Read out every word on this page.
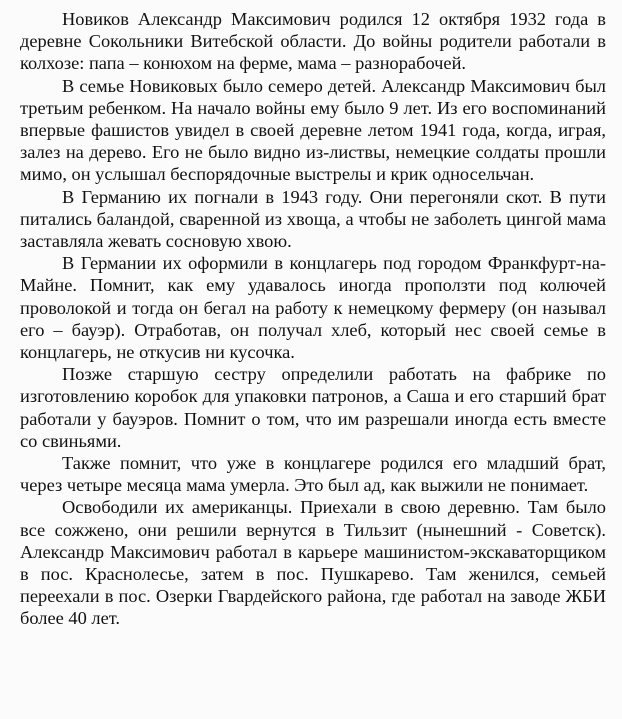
Новиков Александр Максимович родился 12 октября 1932 года в деревне Сокольники Витебской области. До войны родители работали в колхозе: папа – конюхом на ферме, мама – разнорабочей.

В семье Новиковых было семеро детей. Александр Максимович был третьим ребенком. На начало войны ему было 9 лет. Из его воспоминаний впервые фашистов увидел в своей деревне летом 1941 года, когда, играя, залез на дерево. Его не было видно из-листвы, немецкие солдаты прошли мимо, он услышал беспорядочные выстрелы и крик односельчан.

В Германию их погнали в 1943 году. Они перегоняли скот. В пути питались баландой, сваренной из хвоща, а чтобы не заболеть цингой мама заставляла жевать сосновую хвою.

В Германии их оформили в концлагерь под городом Франкфурт-на- Майне. Помнит, как ему удавалось иногда проползти под колючей проволокой и тогда он бегал на работу к немецкому фермеру (он называл его – бауэр). Отработав, он получал хлеб, который нес своей семье в концлагерь, не откусив ни кусочка.

Позже старшую сестру определили работать на фабрике по изготовлению коробок для упаковки патронов, а Саша и его старший брат работали у бауэров. Помнит о том, что им разрешали иногда есть вместе со свиньями.

Также помнит, что уже в концлагере родился его младший брат, через четыре месяца мама умерла. Это был ад, как выжили не понимает.

Освободили их американцы. Приехали в свою деревню. Там было все сожжено, они решили вернутся в Тильзит (нынешний - Советск). Александр Максимович работал в карьере машинистом-экскаваторщиком в пос. Краснолесье, затем в пос. Пушкарево. Там женился, семьей переехали в пос. Озерки Гвардейского района, где работал на заводе ЖБИ более 40 лет.
